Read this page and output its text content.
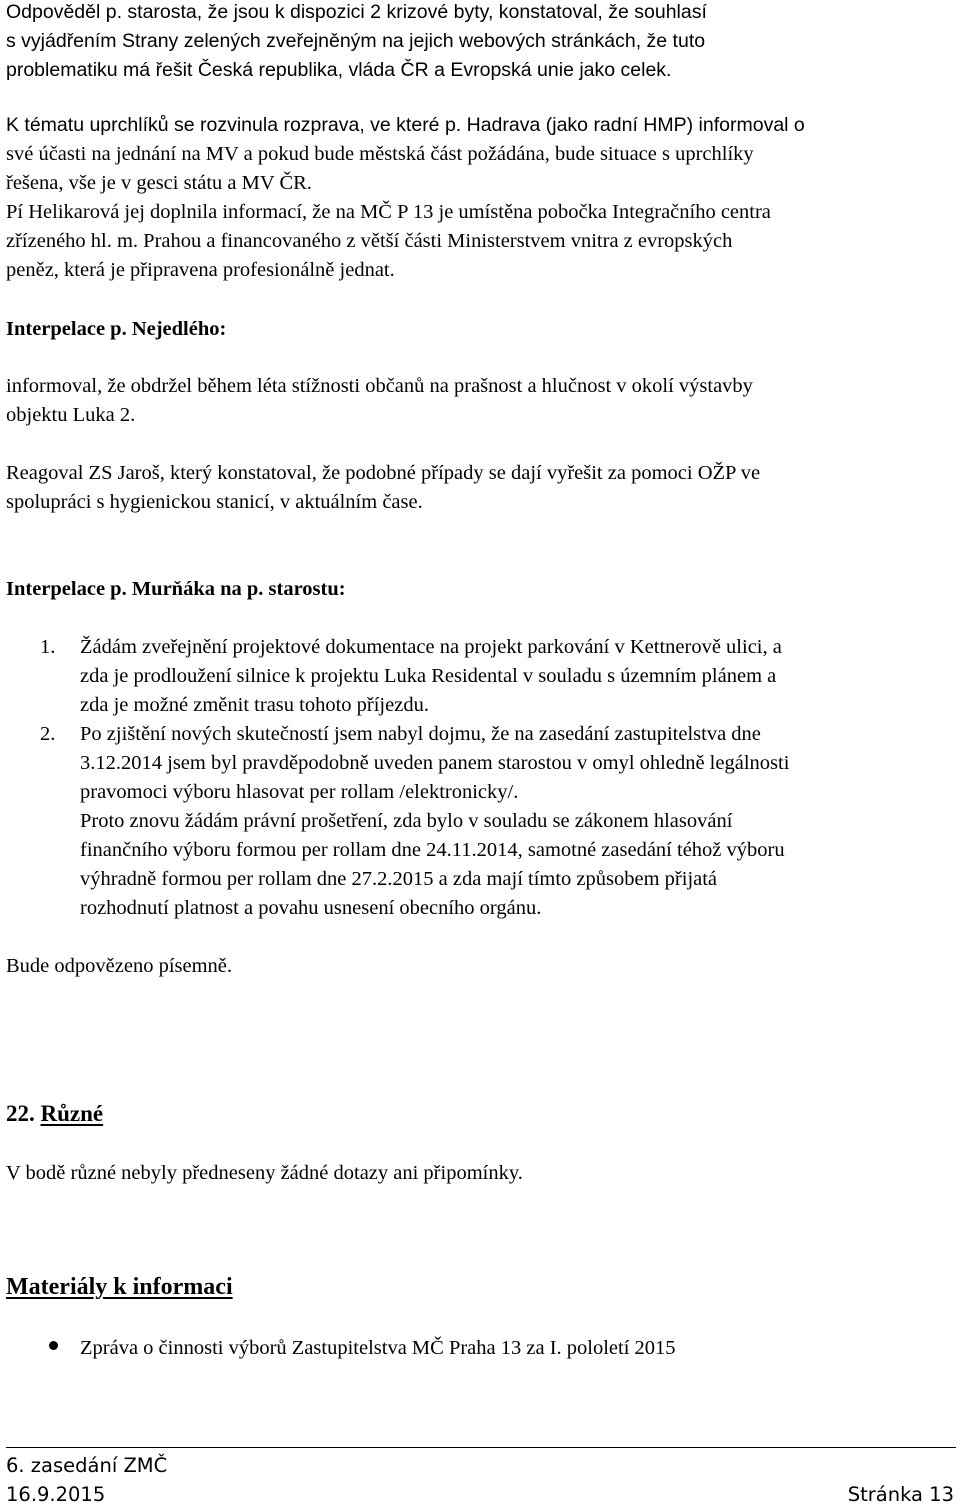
Odpověděl p. starosta, že jsou k dispozici 2 krizové byty, konstatoval, že souhlasí

s vyjádřením Strany zelených zveřejněným na jejich webových stránkách, že tuto

problematiku má řešit Česká republika, vláda ČR a Evropská unie jako celek.

K tématu uprchlíků se rozvinula rozprava, ve které p. Hadrava (jako radní HMP) informoval o

své účasti na jednání na MV a pokud bude městská část požádána, bude situace s uprchlíky

řešena, vše je v gesci státu a MV ČR.

Pí Helikarová jej doplnila informací, že na MČ P 13 je umístěna pobočka Integračního centra

zřízeného hl. m. Prahou a financovaného z větší části Ministerstvem vnitra z evropských

peněz, která je připravena profesionálně jednat.

Interpelace p. Nejedlého:

informoval, že obdržel během léta stížnosti občanů na prašnost a hlučnost v okolí výstavby

objektu Luka 2.

Reagoval ZS Jaroš, který konstatoval, že podobné případy se dají vyřešit za pomoci OŽP ve

spolupráci s hygienickou stanicí, v aktuálním čase.

Interpelace p. Murňáka na p. starostu:

1. Žádám zveřejnění projektové dokumentace na projekt parkování v Kettnerově ulici, a

zda je prodloužení silnice k projektu Luka Residental v souladu s územním plánem a

zda je možné změnit trasu tohoto příjezdu.

2. Po zjištění nových skutečností jsem nabyl dojmu, že na zasedání zastupitelstva dne

3.12.2014 jsem byl pravděpodobně uveden panem starostou v omyl ohledně legálnosti

pravomoci výboru hlasovat per rollam /elektronicky/.

Proto znovu žádám právní prošetření, zda bylo v souladu se zákonem hlasování

finančního výboru formou per rollam dne 24.11.2014, samotné zasedání téhož výboru

výhradně formou per rollam dne 27.2.2015 a zda mají tímto způsobem přijatá

rozhodnutí platnost a povahu usnesení obecního orgánu.

Bude odpovězeno písemně.

22. Různé

V bodě různé nebyly předneseny žádné dotazy ani připomínky.

Materiály k informaci

Zpráva o činnosti výborů Zastupitelstva MČ Praha 13 za I. pololetí 2015

6. zasedání ZMČ
16.9.2015	Stránka 13
